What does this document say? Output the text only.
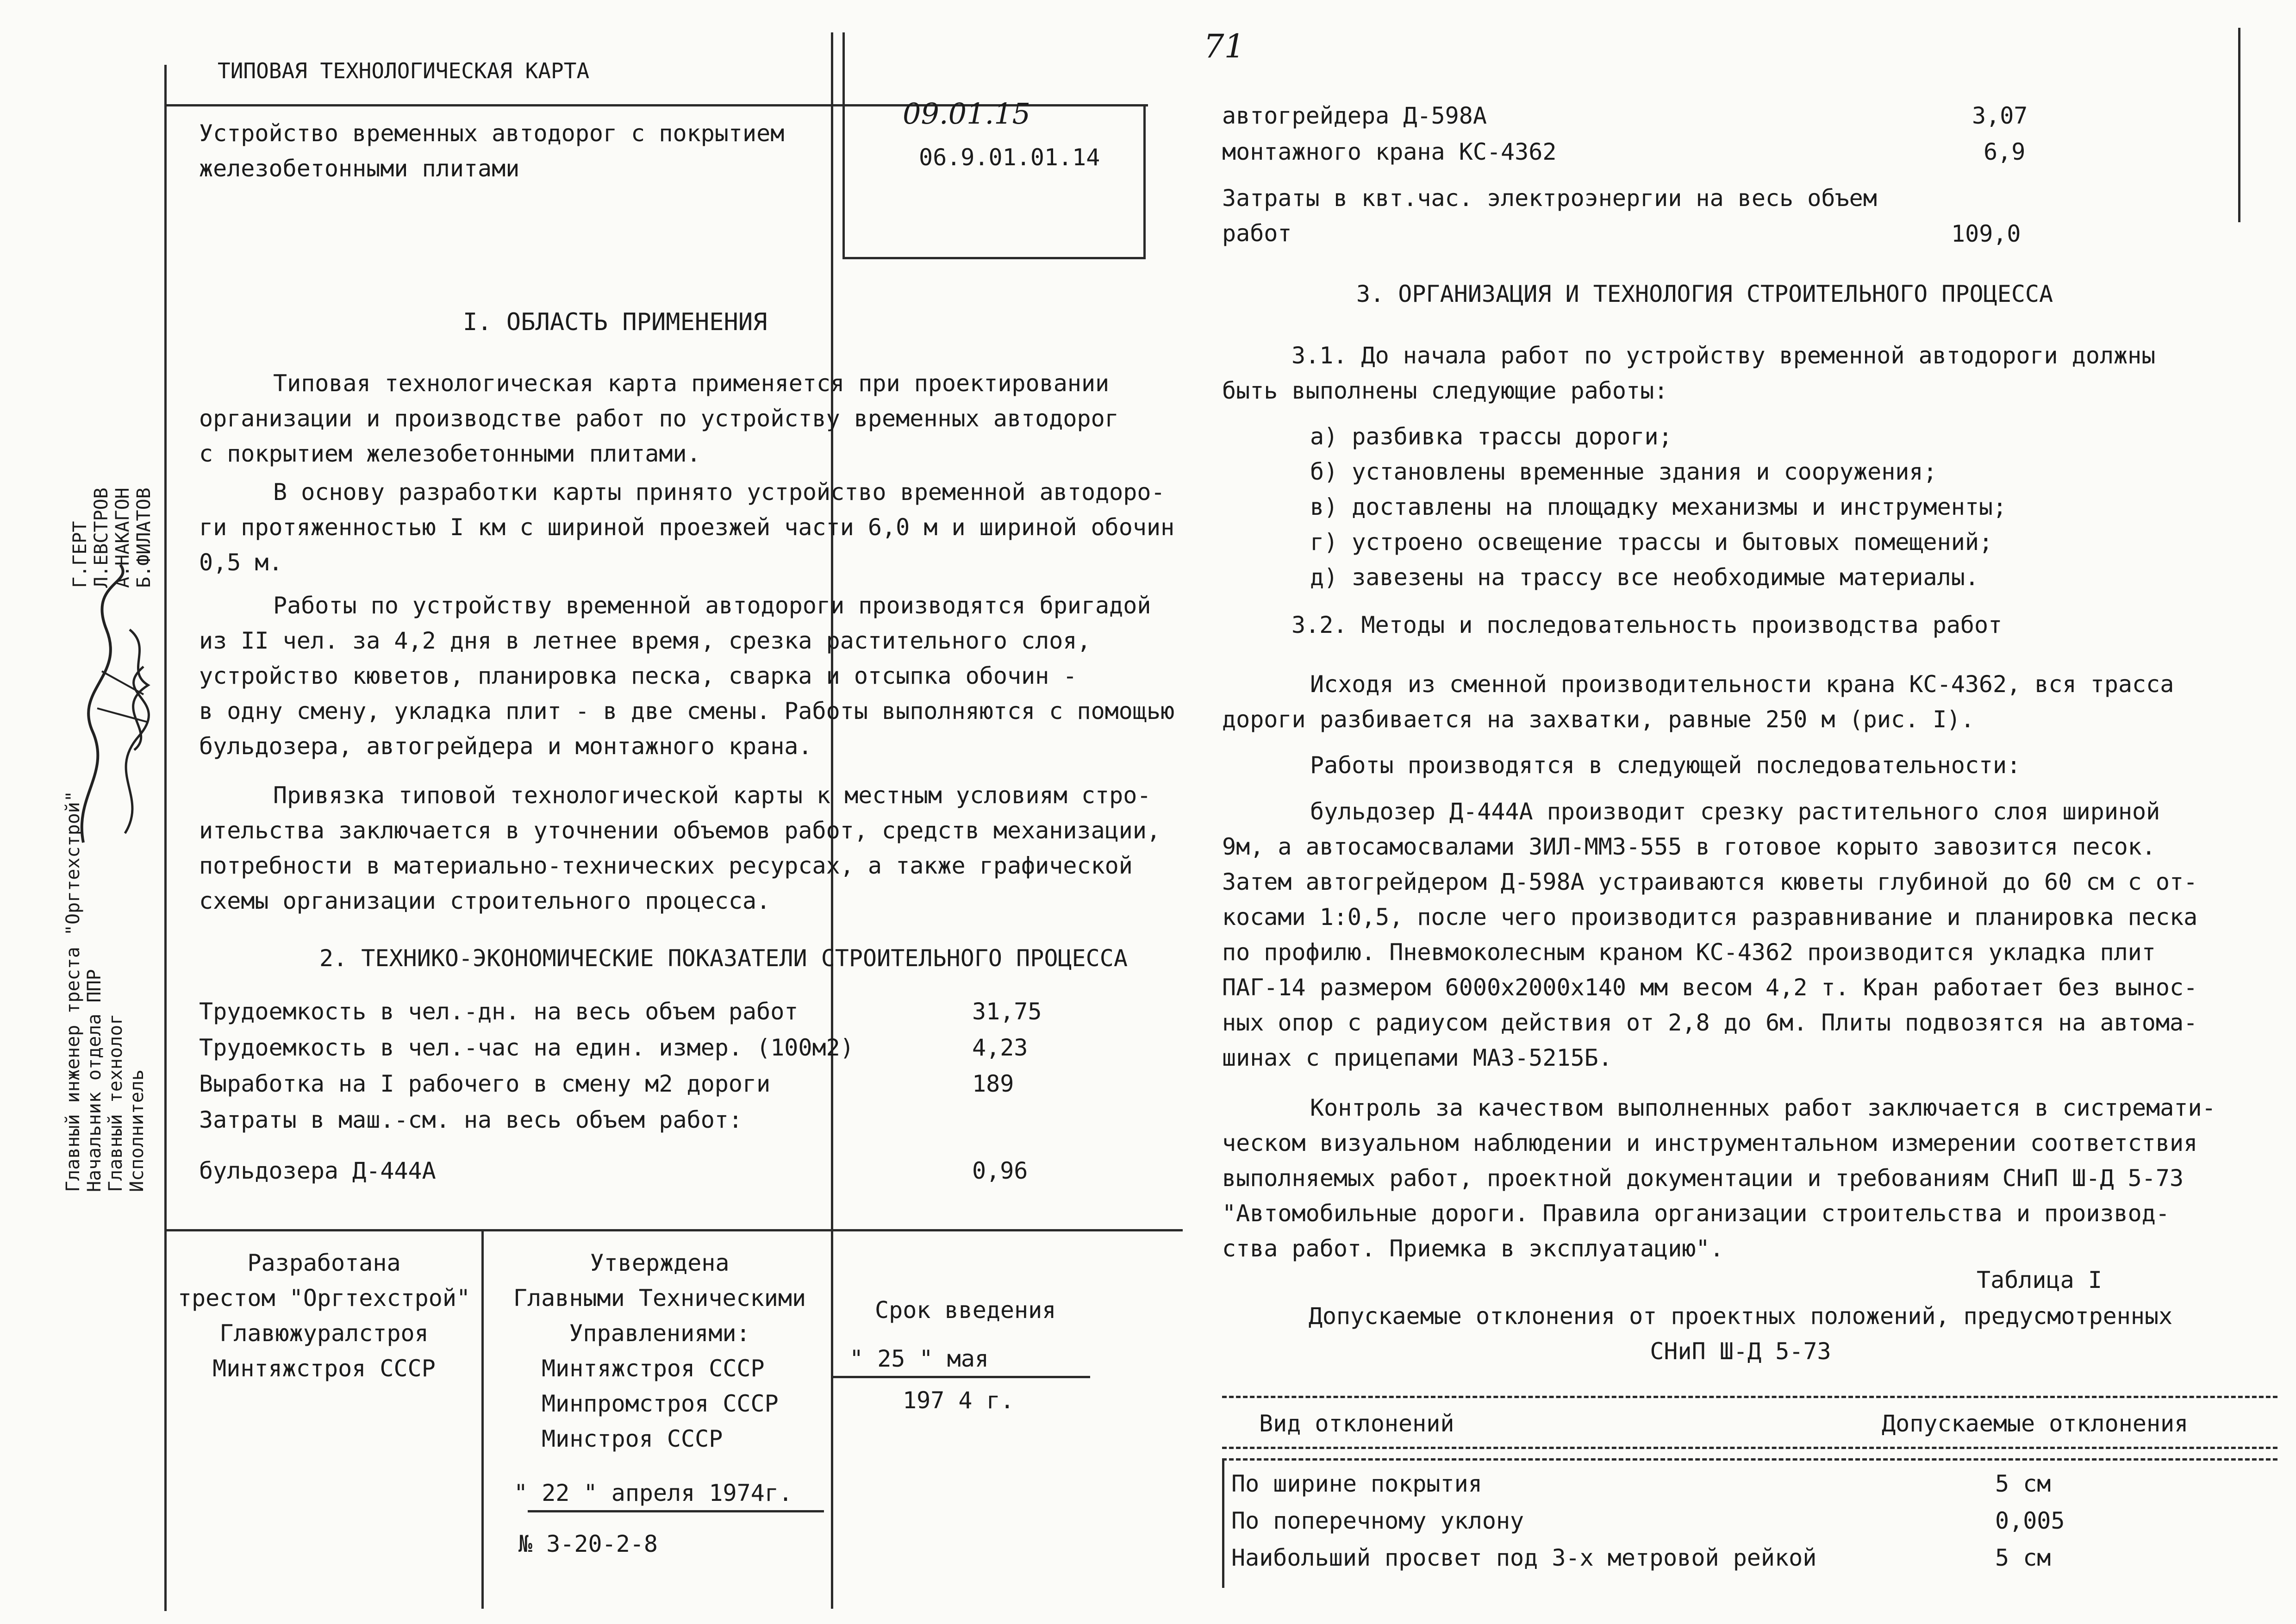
ТИПОВАЯ ТЕХНОЛОГИЧЕСКАЯ КАРТА
Устройство временных автодорог с покрытием
железобетонными плитами
09.01.15
06.9.01.01.14
71
Главный инженер треста "Оргтехстрой" Начальник отдела ППР Главный технолог Исполнитель
Г.ГЕРТ Л.ЕВСТРОВ А.НАКАГОН Б.ФИЛАТОВ
I. ОБЛАСТЬ ПРИМЕНЕНИЯ
Типовая технологическая карта применяется при проектировании
организации и производстве работ по устройству временных автодорог
с покрытием железобетонными плитами.
В основу разработки карты принято устройство временной автодоро-
ги протяженностью I км с шириной проезжей части 6,0 м и шириной обочин
0,5 м.
Работы по устройству временной автодороги производятся бригадой
из II чел. за 4,2 дня в летнее время, срезка растительного слоя,
устройство кюветов, планировка песка, сварка и отсыпка обочин -
в одну смену, укладка плит - в две смены. Работы выполняются с помощью
бульдозера, автогрейдера и монтажного крана.
Привязка типовой технологической карты к местным условиям стро-
ительства заключается в уточнении объемов работ, средств механизации,
потребности в материально-технических ресурсах, а также графической
схемы организации строительного процесса.
2. ТЕХНИКО-ЭКОНОМИЧЕСКИЕ ПОКАЗАТЕЛИ СТРОИТЕЛЬНОГО ПРОЦЕССА
Трудоемкость в чел.-дн. на весь объем работ	31,75
Трудоемкость в чел.-час на един. измер. (100м2)	4,23
Выработка на I рабочего в смену м2 дороги	189
Затраты в маш.-см. на весь объем работ:
бульдозера Д-444А	0,96
автогрейдера Д-598А	3,07
монтажного крана КС-4362	6,9
Затраты в квт.час. электроэнергии на весь объем
работ	109,0
3. ОРГАНИЗАЦИЯ И ТЕХНОЛОГИЯ СТРОИТЕЛЬНОГО ПРОЦЕССА
3.1. До начала работ по устройству временной автодороги должны
быть выполнены следующие работы:
а) разбивка трассы дороги;
б) установлены временные здания и сооружения;
в) доставлены на площадку механизмы и инструменты;
г) устроено освещение трассы и бытовых помещений;
д) завезены на трассу все необходимые материалы.
3.2. Методы и последовательность производства работ
Исходя из сменной производительности крана КС-4362, вся трасса
дороги разбивается на захватки, равные 250 м (рис. I).
Работы производятся в следующей последовательности:
бульдозер Д-444А производит срезку растительного слоя шириной
9м, а автосамосвалами ЗИЛ-ММЗ-555 в готовое корыто завозится песок.
Затем автогрейдером Д-598А устраиваются кюветы глубиной до 60 см с от-
косами 1:0,5, после чего производится разравнивание и планировка песка
по профилю. Пневмоколесным краном КС-4362 производится укладка плит
ПАГ-14 размером 6000х2000х140 мм весом 4,2 т. Кран работает без вынос-
ных опор с радиусом действия от 2,8 до 6м. Плиты подвозятся на автома-
шинах с прицепами МАЗ-5215Б.
Контроль за качеством выполненных работ заключается в систремати-
ческом визуальном наблюдении и инструментальном измерении соответствия
выполняемых работ, проектной документации и требованиям СНиП Ш-Д 5-73
"Автомобильные дороги. Правила организации строительства и производ-
ства работ. Приемка в эксплуатацию".
Таблица I
Допускаемые отклонения от проектных положений, предусмотренных
СНиП Ш-Д 5-73
Вид отклонений	Допускаемые отклонения
По ширине покрытия	5 см
По поперечному уклону	0,005
Наибольший просвет под 3-х метровой рейкой	5 см
Разработана
трестом "Оргтехстрой"
Главюжуралстроя
Минтяжстроя СССР
Утверждена
Главными Техническими
Управлениями:
Минтяжстроя СССР
Минпромстроя СССР
Минстроя СССР
" 22 " апреля 1974г.
№ 3-20-2-8
Срок введения
" 25 " мая
197 4 г.
